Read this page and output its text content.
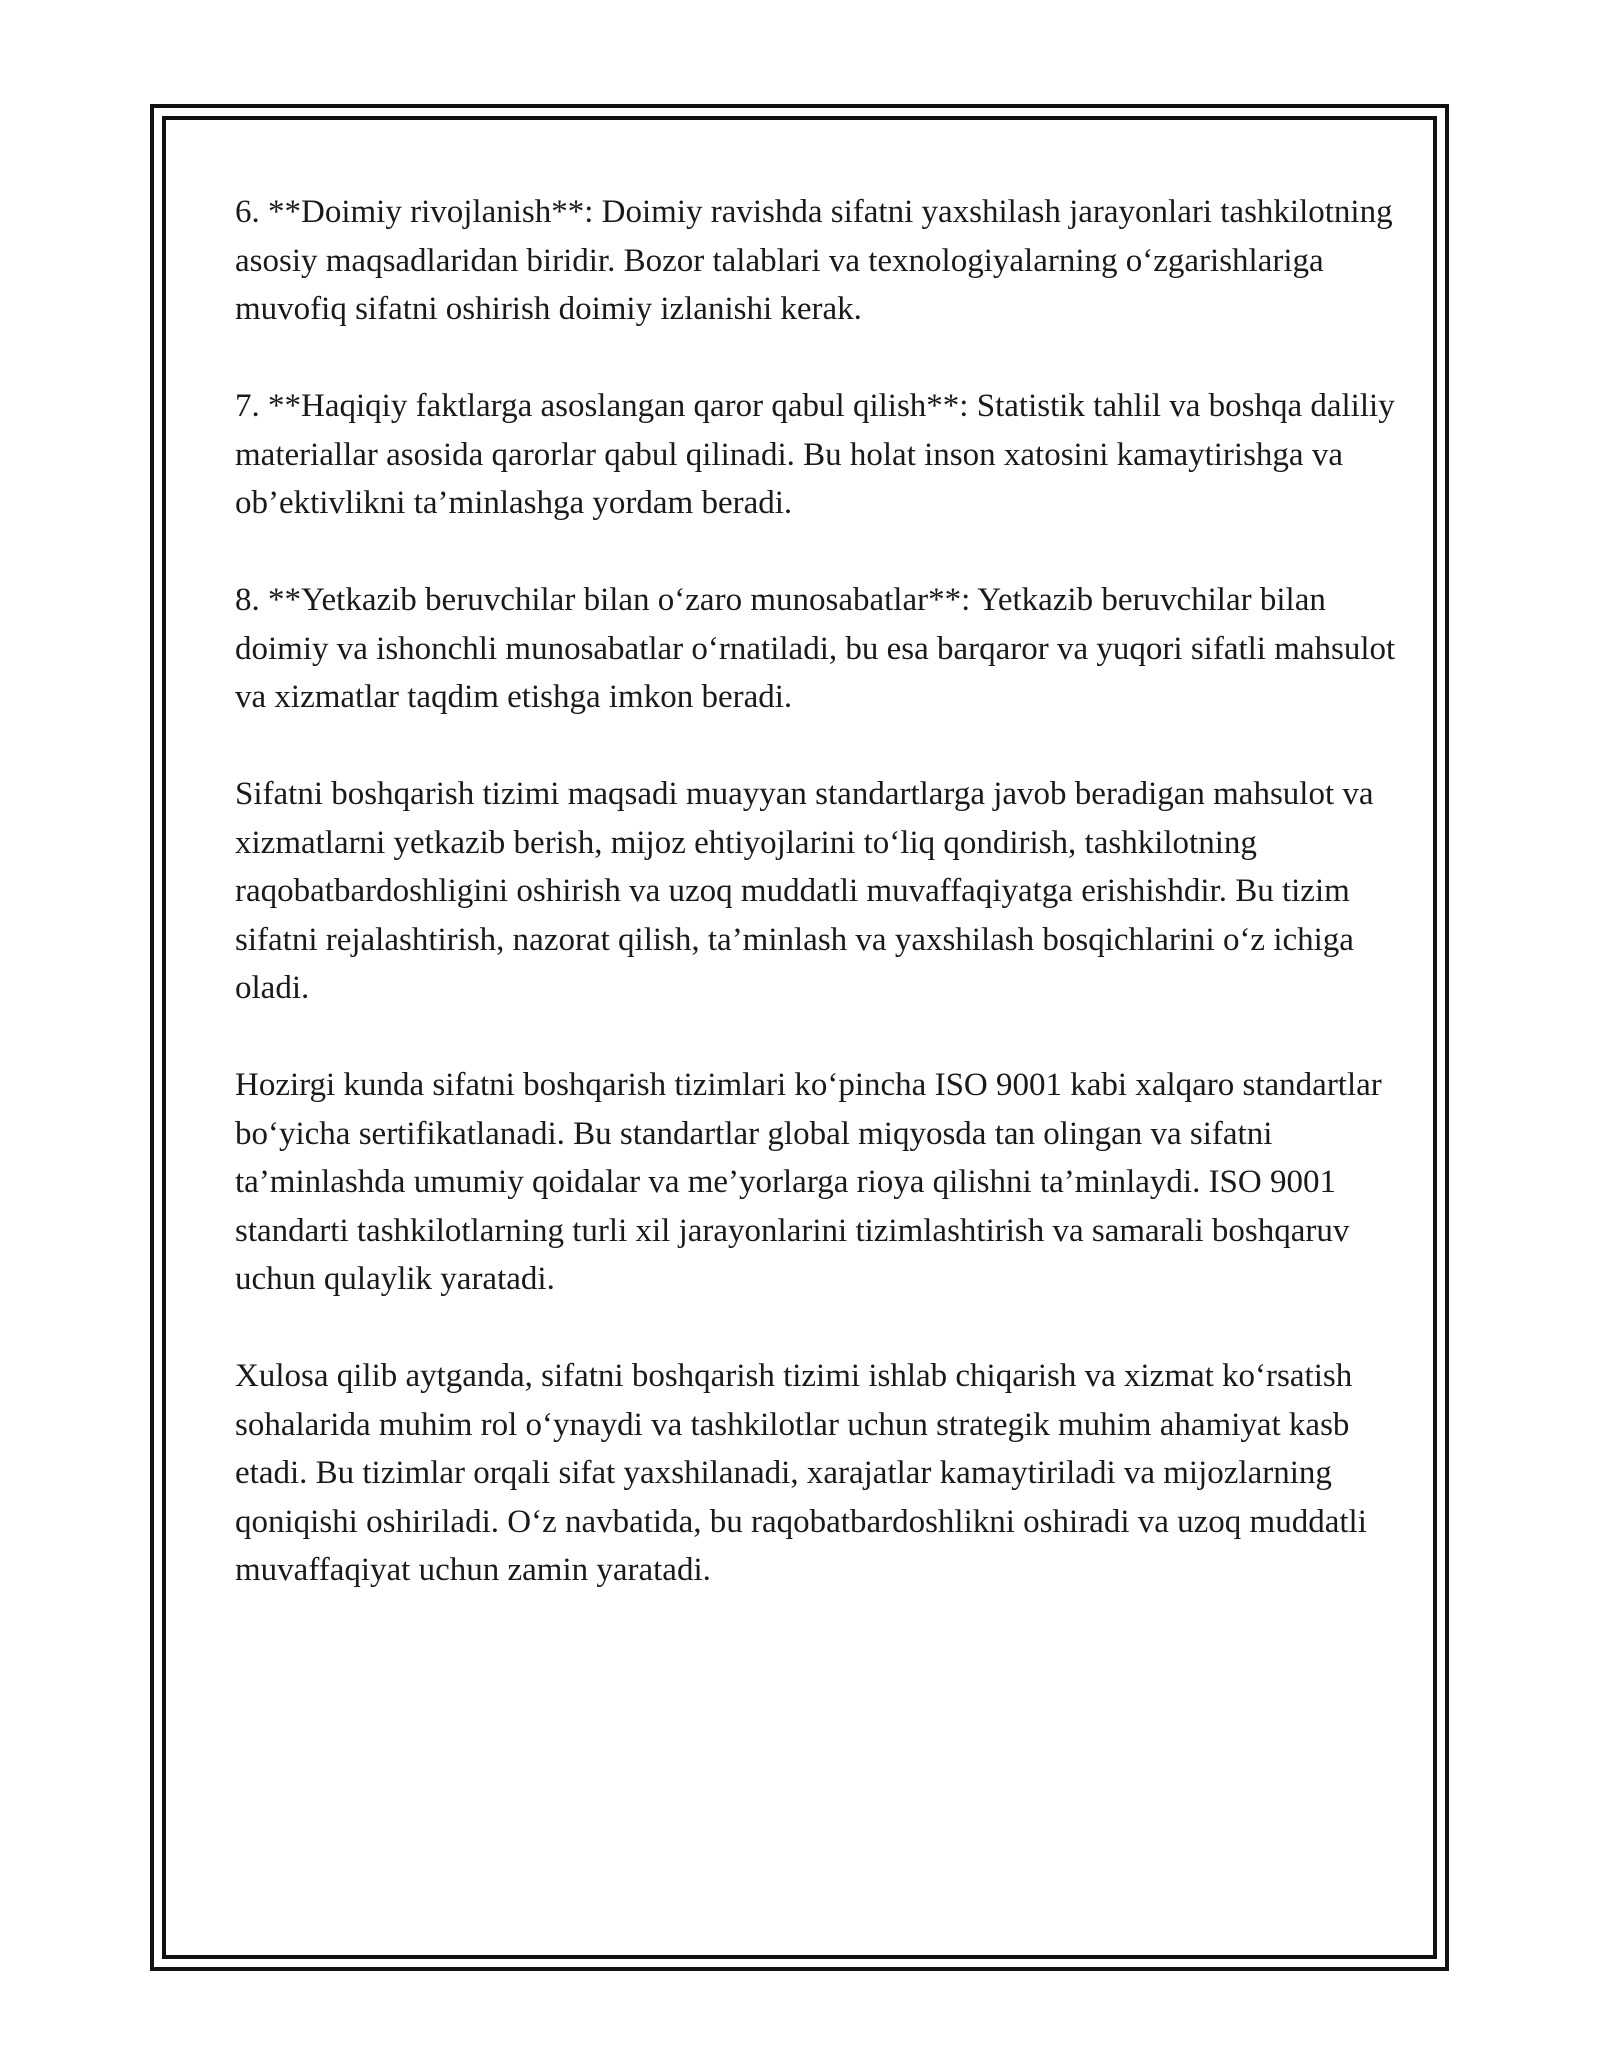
6. **Doimiy rivojlanish**: Doimiy ravishda sifatni yaxshilash jarayonlari tashkilotning asosiy maqsadlaridan biridir. Bozor talablari va texnologiyalarning o‘zgarishlariga muvofiq sifatni oshirish doimiy izlanishi kerak.

7. **Haqiqiy faktlarga asoslangan qaror qabul qilish**: Statistik tahlil va boshqa daliliy materiallar asosida qarorlar qabul qilinadi. Bu holat inson xatosini kamaytirishga va ob’ektivlikni ta’minlashga yordam beradi.

8. **Yetkazib beruvchilar bilan o‘zaro munosabatlar**: Yetkazib beruvchilar bilan doimiy va ishonchli munosabatlar o‘rnatiladi, bu esa barqaror va yuqori sifatli mahsulot va xizmatlar taqdim etishga imkon beradi.

Sifatni boshqarish tizimi maqsadi muayyan standartlarga javob beradigan mahsulot va xizmatlarni yetkazib berish, mijoz ehtiyojlarini to‘liq qondirish, tashkilotning raqobatbardoshligini oshirish va uzoq muddatli muvaffaqiyatga erishishdir. Bu tizim sifatni rejalashtirish, nazorat qilish, ta’minlash va yaxshilash bosqichlarini o‘z ichiga oladi.

Hozirgi kunda sifatni boshqarish tizimlari ko‘pincha ISO 9001 kabi xalqaro standartlar bo‘yicha sertifikatlanadi. Bu standartlar global miqyosda tan olingan va sifatni ta’minlashda umumiy qoidalar va me’yorlarga rioya qilishni ta’minlaydi. ISO 9001 standarti tashkilotlarning turli xil jarayonlarini tizimlashtirish va samarali boshqaruv uchun qulaylik yaratadi.

Xulosa qilib aytganda, sifatni boshqarish tizimi ishlab chiqarish va xizmat ko‘rsatish sohalarida muhim rol o‘ynaydi va tashkilotlar uchun strategik muhim ahamiyat kasb etadi. Bu tizimlar orqali sifat yaxshilanadi, xarajatlar kamaytiriladi va mijozlarning qoniqishi oshiriladi. O‘z navbatida, bu raqobatbardoshlikni oshiradi va uzoq muddatli muvaffaqiyat uchun zamin yaratadi.
